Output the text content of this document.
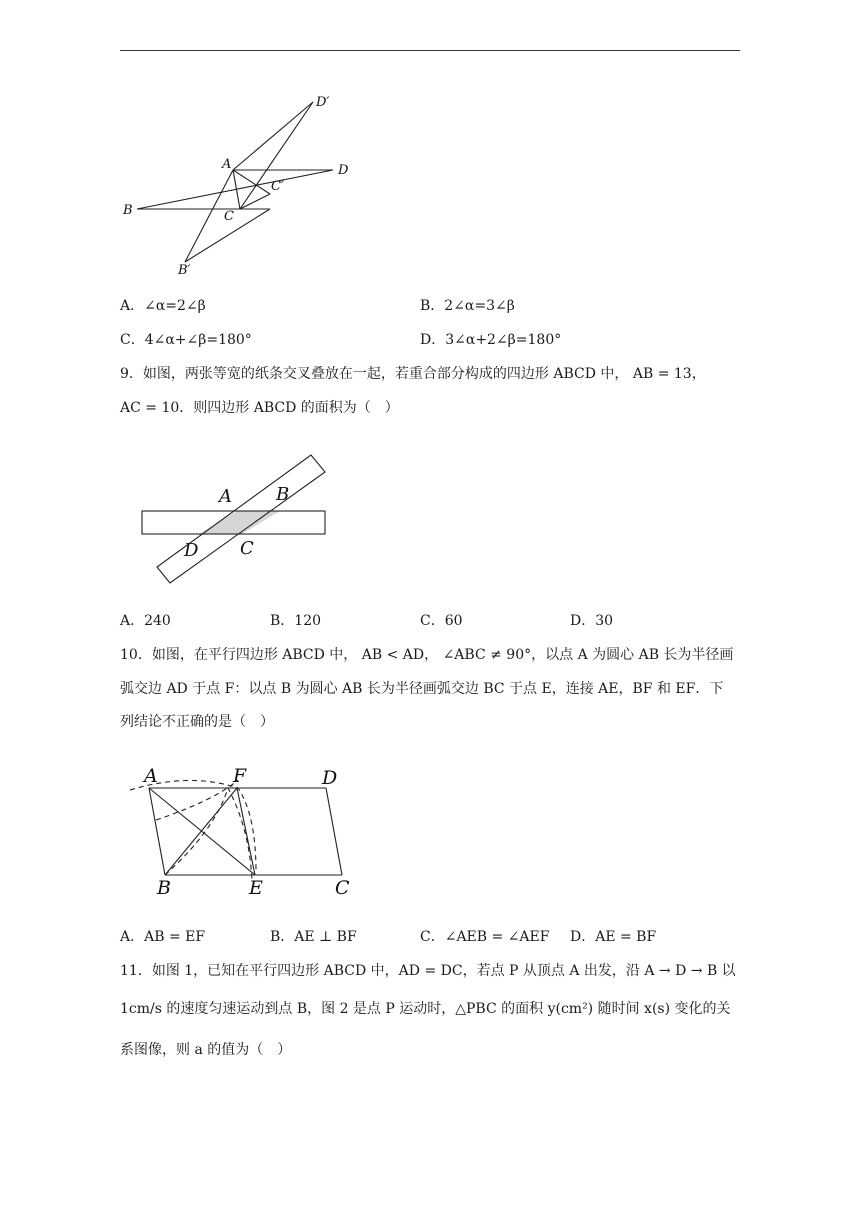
D′
A	D
C′
B	C
B′
A．∠α=2∠β	B．2∠α=3∠β
C．4∠α+∠β=180°	D．3∠α+2∠β=180°
9．如图，两张等宽的纸条交叉叠放在一起，若重合部分构成的四边形 ABCD 中， AB = 13，
AC = 10．则四边形 ABCD 的面积为（　）
A B
D C
A．240	B．120	C．60	D．30
10．如图，在平行四边形 ABCD 中， AB < AD， ∠ABC ≠ 90°，以点 A 为圆心 AB 长为半径画
弧交边 AD 于点 F：以点 B 为圆心 AB 长为半径画弧交边 BC 于点 E，连接 AE，BF 和 EF．下
列结论不正确的是（　）
A	F	D
B	E	C
A．AB = EF	B．AE ⊥ BF	C．∠AEB = ∠AEF D．AE = BF
11．如图 1，已知在平行四边形 ABCD 中，AD = DC，若点 P 从顶点 A 出发，沿 A → D → B 以
1cm/s 的速度匀速运动到点 B，图 2 是点 P 运动时，△PBC 的面积 y(cm²) 随时间 x(s) 变化的关
系图像，则 a 的值为（　）
